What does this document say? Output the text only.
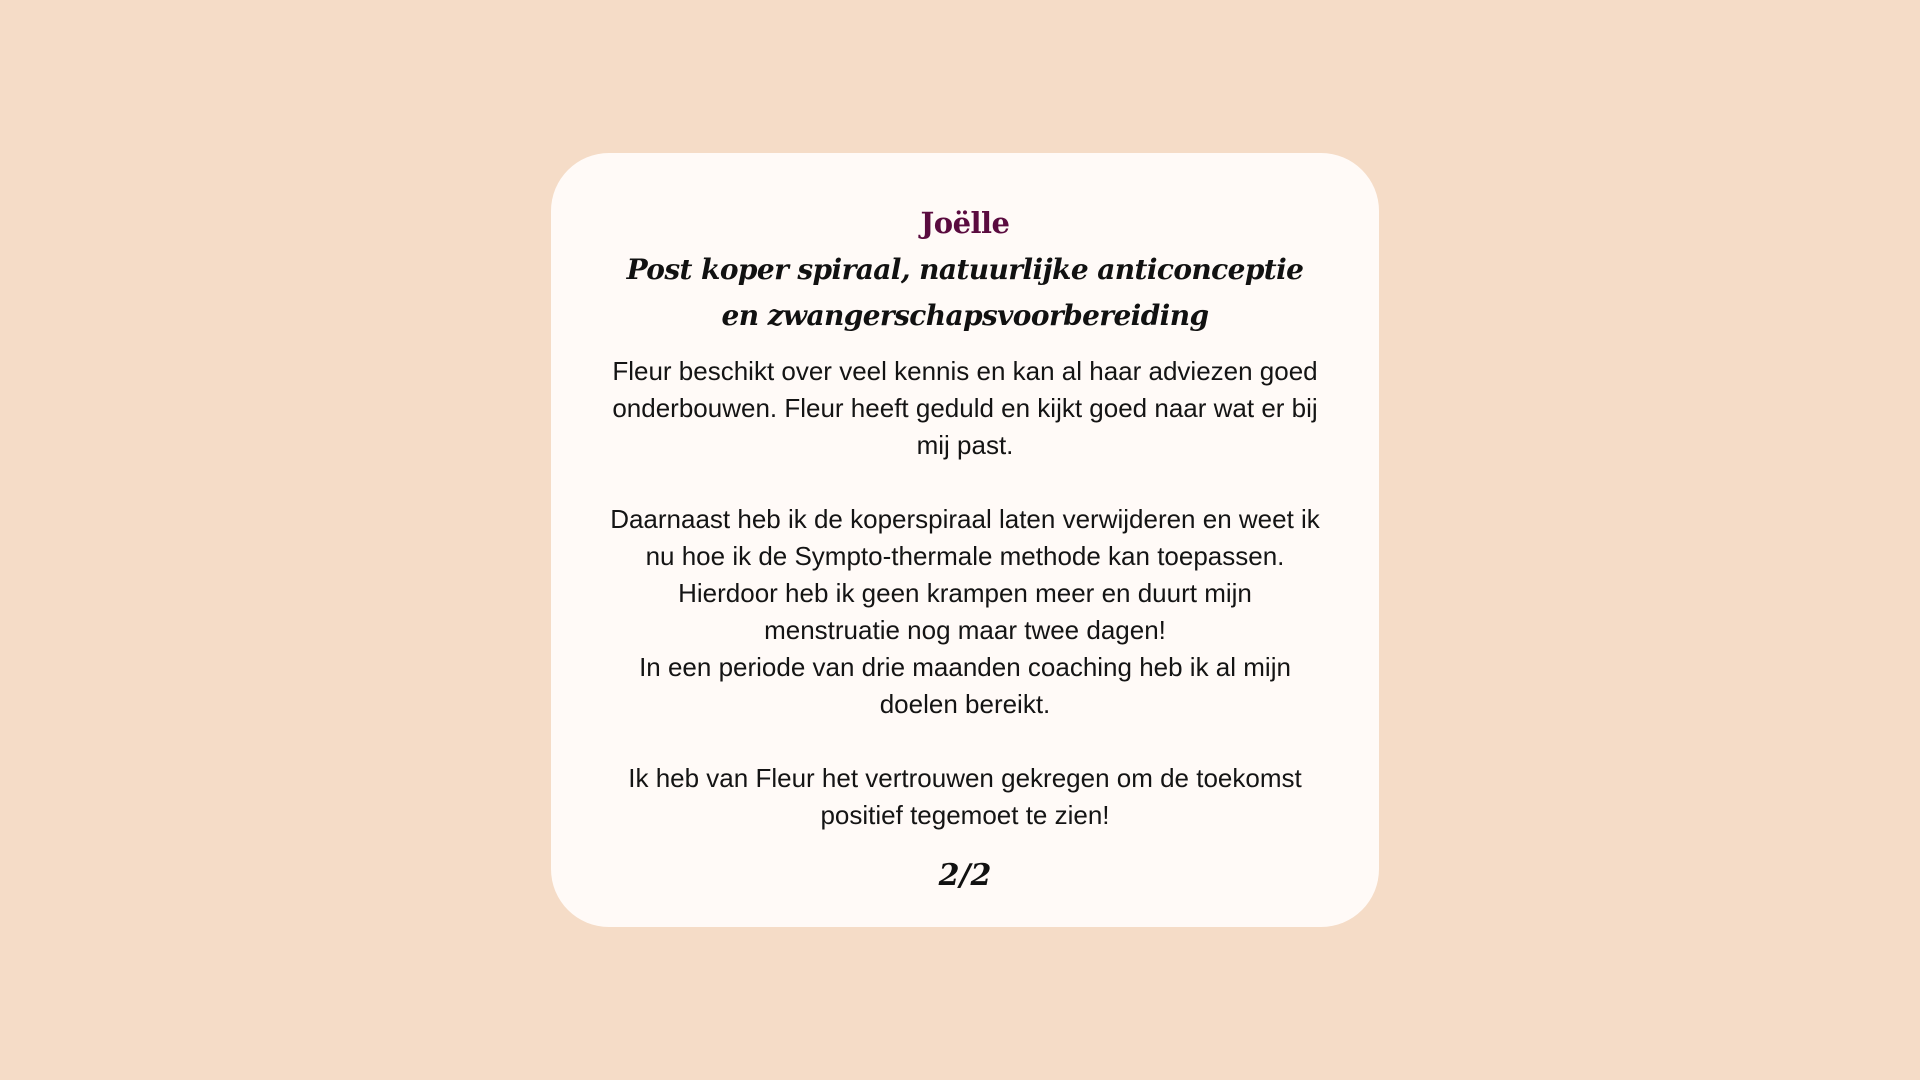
Joëlle
Post koper spiraal, natuurlijke anticonceptie
en zwangerschapsvoorbereiding

Fleur beschikt over veel kennis en kan al haar adviezen goed

onderbouwen. Fleur heeft geduld en kijkt goed naar wat er bij

mij past.

Daarnaast heb ik de koperspiraal laten verwijderen en weet ik

nu hoe ik de Sympto-thermale methode kan toepassen.

Hierdoor heb ik geen krampen meer en duurt mijn

menstruatie nog maar twee dagen!

In een periode van drie maanden coaching heb ik al mijn

doelen bereikt.

Ik heb van Fleur het vertrouwen gekregen om de toekomst

positief tegemoet te zien!

2/2
